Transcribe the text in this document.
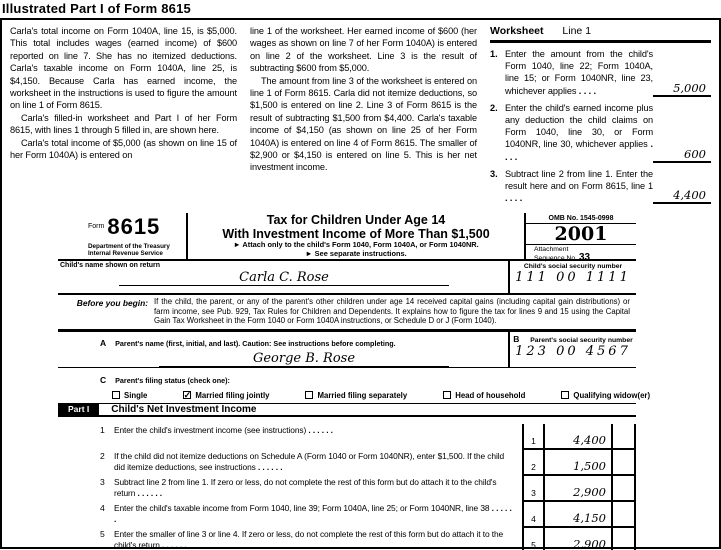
Illustrated Part I of Form 8615

Carla's total income on Form 1040A, line 15, is $5,000. This total includes wages (earned income) of $600 reported on line 7. She has no itemized deductions. Carla's taxable income on Form 1040A, line 25, is $4,150. Because Carla has earned income, the worksheet in the instructions is used to figure the amount on line 1 of Form 8615.

Carla's filled-in worksheet and Part I of her Form 8615, with lines 1 through 5 filled in, are shown here.

Carla's total income of $5,000 (as shown on line 15 of her Form 1040A) is entered on

line 1 of the worksheet. Her earned income of $600 (her wages as shown on line 7 of her Form 1040A) is entered on line 2 of the worksheet. Line 3 is the result of subtracting $600 from $5,000.

The amount from line 3 of the worksheet is entered on line 1 of Form 8615. Carla did not itemize deductions, so $1,500 is entered on line 2. Line 3 of Form 8615 is the result of subtracting $1,500 from $4,400. Carla's taxable income of $4,150 (as shown on line 25 of her Form 1040A) is entered on line 4 of Form 8615. The smaller of $2,900 or $4,150 is entered on line 5. This is her net investment income.

Worksheet Line 1
1. Enter the amount from the child's Form 1040, line 22; Form 1040A, line 15; or Form 1040NR, line 23, whichever applies . .	5,000
2. Enter the child's earned income plus any deduction the child claims on Form 1040, line 30, or Form 1040NR, line 30, whichever applies . .
600
3. Subtract line 2 from line 1. Enter the result here and on Form 8615, line 1 . .
4,400
$^{Form}$ 8615
Department of the Treasury
Internal Revenue Service
Tax for Children Under Age 14
With Investment Income of More Than $1,500
► Attach only to the child's Form 1040, Form 1040A, or Form 1040NR.
► See separate instructions.
OMB No. 1545-0998
2001
Attachment
Sequence No. 33
Child's name shown on return
Carla C. Rose
Child's social security number
111 00 1111
Before you begin: If the child, the parent, or any of the parent's other children under age 14 received capital gains (including capital gain distributions) or farm income, see Pub. 929, Tax Rules for Children and Dependents. It explains how to figure the tax for lines 9 and 15 using the Capital Gain Tax Worksheet in the Form 1040 or Form 1040A instructions, or Schedule D or J (Form 1040).
A Parent's name (first, initial, and last). Caution: See instructions before completing.
George B. Rose
B Parent's social security number
123 00 4567
C Parent's filing status (check one):
Single ✓	Married filing jointly	Married filing separately	Head of household	Qualifying widow(er)
Part I	Child's Net Investment Income
1	Enter the child's investment income (see instructions) . .
1	4,400
2	If the child did not itemize deductions on Schedule A (Form 1040 or Form 1040NR), enter $1,500. If the child did itemize deductions, see instructions . .	2	1,500
3	Subtract line 2 from line 1. If zero or less, do not complete the rest of this form but do attach it to the child's return . .	3	2,900
4	Enter the child's taxable income from Form 1040, line 39; Form 1040A, line 25; or Form 1040NR, line 38 . .
4	4,150
5	Enter the smaller of line 3 or line 4. If zero or less, do not complete the rest of this form but do attach it to the child's return . .	5	2,900
